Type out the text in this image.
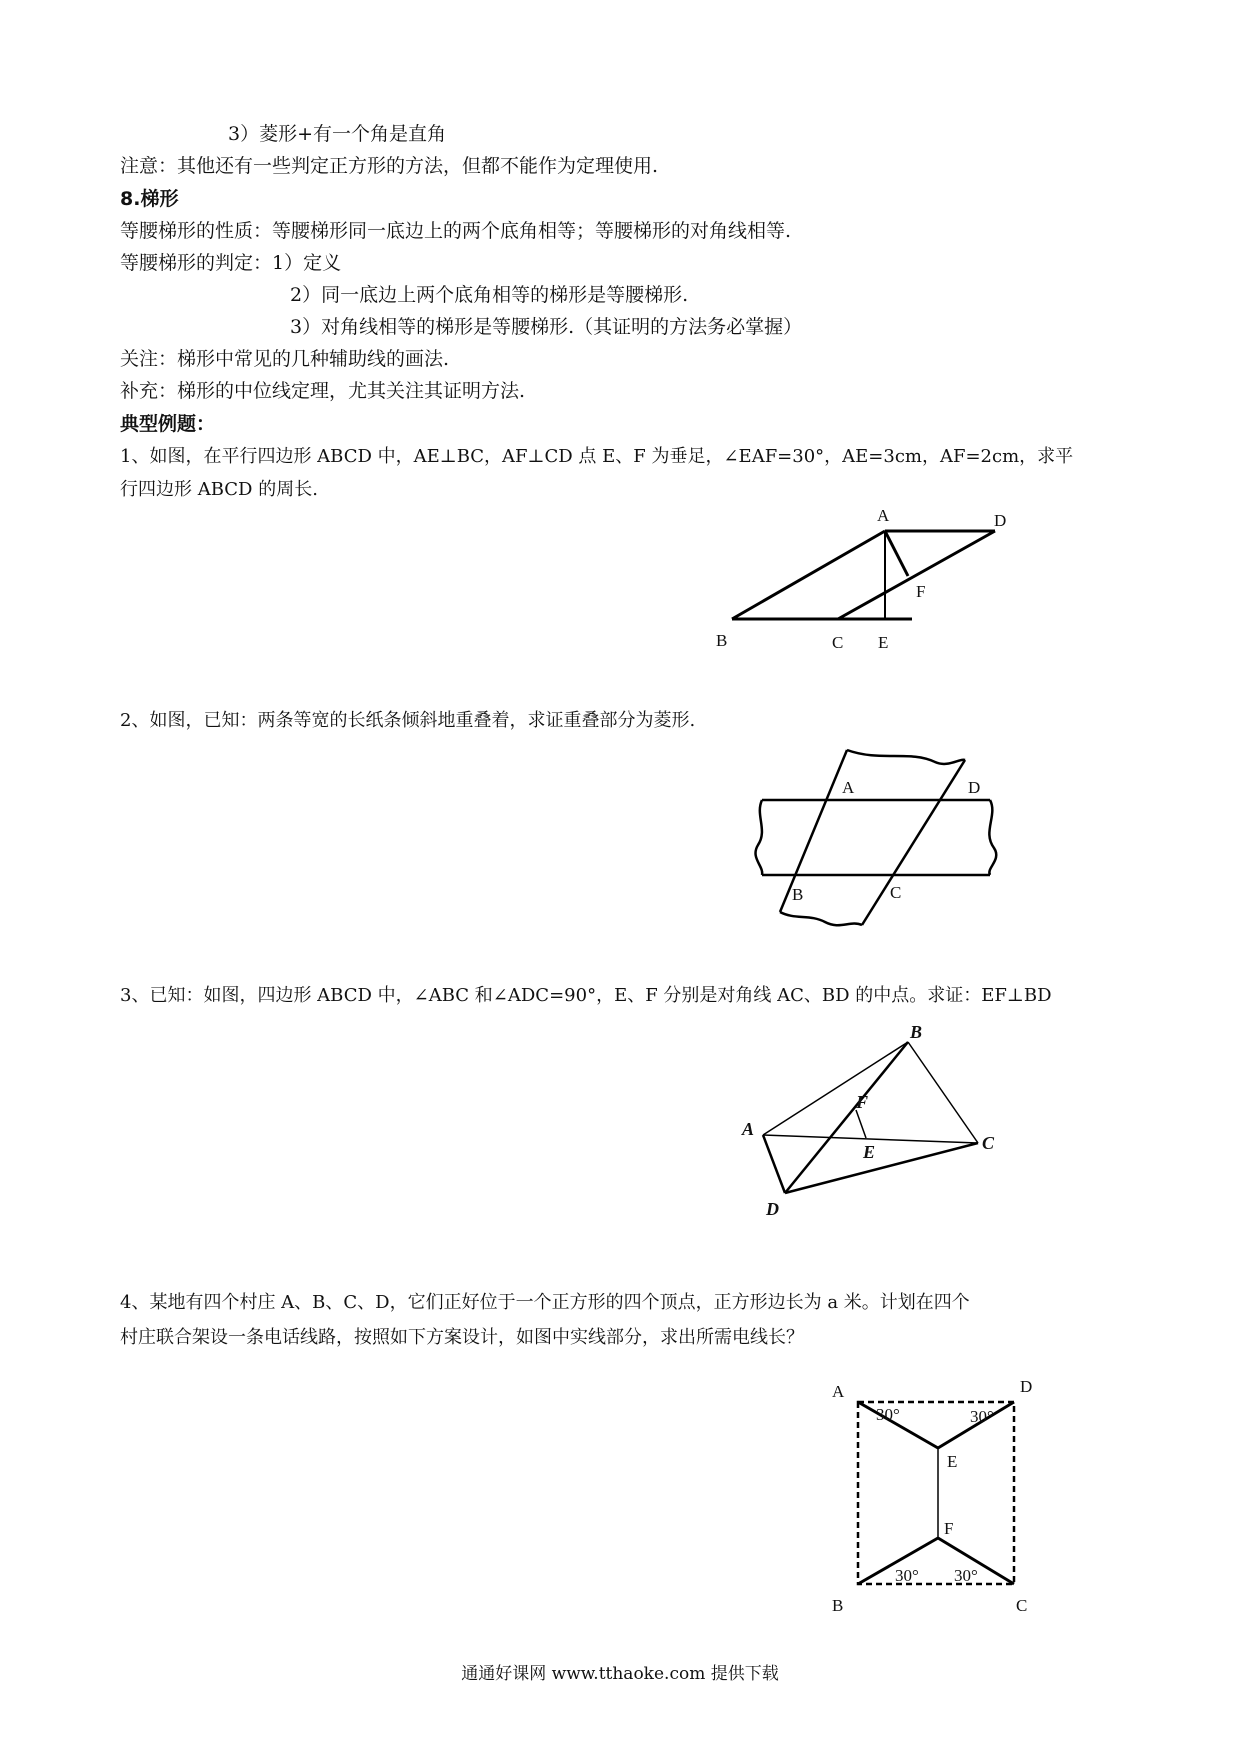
3）菱形+有一个角是直角
注意：其他还有一些判定正方形的方法，但都不能作为定理使用.
8.梯形
等腰梯形的性质：等腰梯形同一底边上的两个底角相等；等腰梯形的对角线相等.
等腰梯形的判定：1）定义
2）同一底边上两个底角相等的梯形是等腰梯形.
3）对角线相等的梯形是等腰梯形.（其证明的方法务必掌握）
关注：梯形中常见的几种辅助线的画法.
补充：梯形的中位线定理，尤其关注其证明方法.
典型例题：
1、如图，在平行四边形 ABCD 中，AE⊥BC，AF⊥CD 点 E、F 为垂足，∠EAF=30°，AE=3cm，AF=2cm，求平
行四边形 ABCD 的周长.
A	D
F
B	C E
2、如图，已知：两条等宽的长纸条倾斜地重叠着，求证重叠部分为菱形.
A	D
B	C
3、已知：如图，四边形 ABCD 中，∠ABC 和∠ADC=90°，E、F 分别是对角线 AC、BD 的中点。求证：EF⊥BD
B
F
A
E	C
D
4、某地有四个村庄 A、B、C、D，它们正好位于一个正方形的四个顶点，正方形边长为 a 米。计划在四个
村庄联合架设一条电话线路，按照如下方案设计，如图中实线部分，求出所需电线长？
A	D
30°	30°
E
F
30° 30°
B	C
通通好课网 www.tthaoke.com 提供下载
